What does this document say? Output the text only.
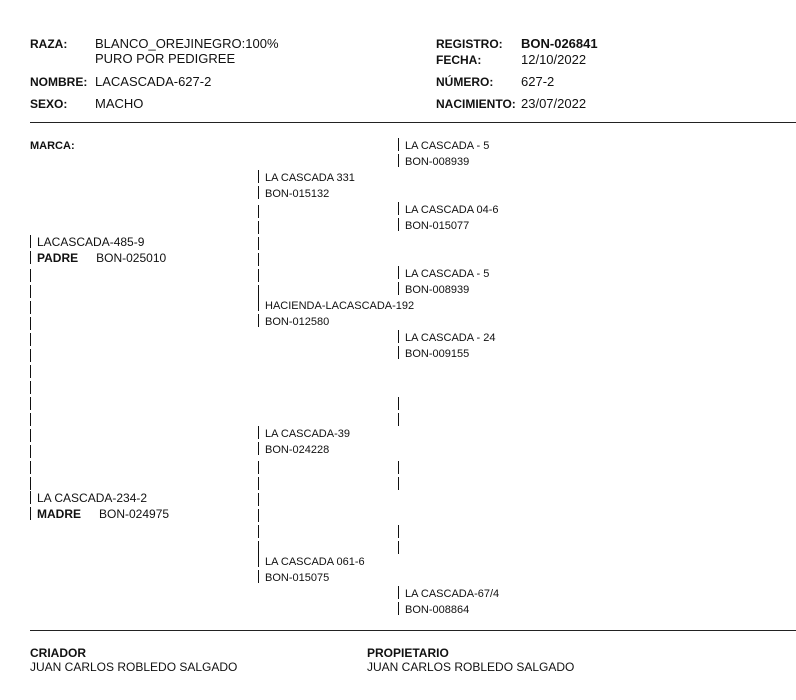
RAZA: BLANCO_OREJINEGRO:100%
PURO POR PEDIGREE
NOMBRE: LACASCADA-627-2
SEXO: MACHO
REGISTRO: BON-026841
FECHA:	12/10/2022
NÚMERO: 627-2
NACIMIENTO: 23/07/2022
MARCA:	LA CASCADA - 5
BON-008939
LA CASCADA 04-6
BON-015077
LA CASCADA - 5
BON-008939
LA CASCADA - 24
BON-009155
LA CASCADA-67/4
BON-008864
LA CASCADA 331
BON-015132
HACIENDA-LACASCADA-192
BON-012580
LA CASCADA-39
BON-024228
LA CASCADA 061-6
BON-015075
LACASCADA-485-9
PADRE BON-025010
LA CASCADA-234-2
MADRE BON-024975
CRIADOR
JUAN CARLOS ROBLEDO SALGADO
PROPIETARIO
JUAN CARLOS ROBLEDO SALGADO
